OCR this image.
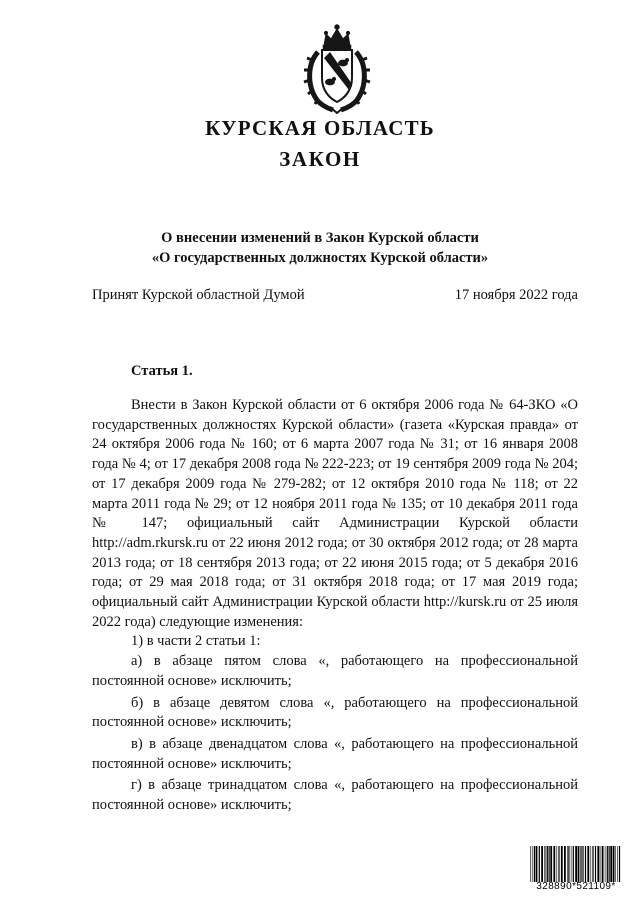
КУРСКАЯ ОБЛАСТЬ
ЗАКОН
О внесении изменений в Закон Курской области
«О государственных должностях Курской области»
Принят Курской областной Думой	17 ноября 2022 года
Статья 1.

Внести в Закон Курской области от 6 октября 2006 года № 64-ЗКО «О государственных должностях Курской области» (газета «Курская правда» от 24 октября 2006 года № 160; от 6 марта 2007 года № 31; от 16 января 2008 года № 4; от 17 декабря 2008 года № 222-223; от 19 сентября 2009 года № 204; от 17 декабря 2009 года № 279-282; от 12 октября 2010 года № 118; от 22 марта 2011 года № 29; от 12 ноября 2011 года № 135; от 10 декабря 2011 года № 147; официальный сайт Администрации Курской области http://adm.rkursk.ru от 22 июня 2012 года; от 30 октября 2012 года; от 28 марта 2013 года; от 18 сентября 2013 года; от 22 июня 2015 года; от 5 декабря 2016 года; от 29 мая 2018 года; от 31 октября 2018 года; от 17 мая 2019 года; официальный сайт Администрации Курской области http://kursk.ru от 25 июля 2022 года) следующие изменения:

1) в части 2 статьи 1:

а) в абзаце пятом слова «, работающего на профессиональной постоянной основе» исключить;

б) в абзаце девятом слова «, работающего на профессиональной постоянной основе» исключить;

в) в абзаце двенадцатом слова «, работающего на профессиональной постоянной основе» исключить;

г) в абзаце тринадцатом слова «, работающего на профессиональной постоянной основе» исключить;

328890*521109*
